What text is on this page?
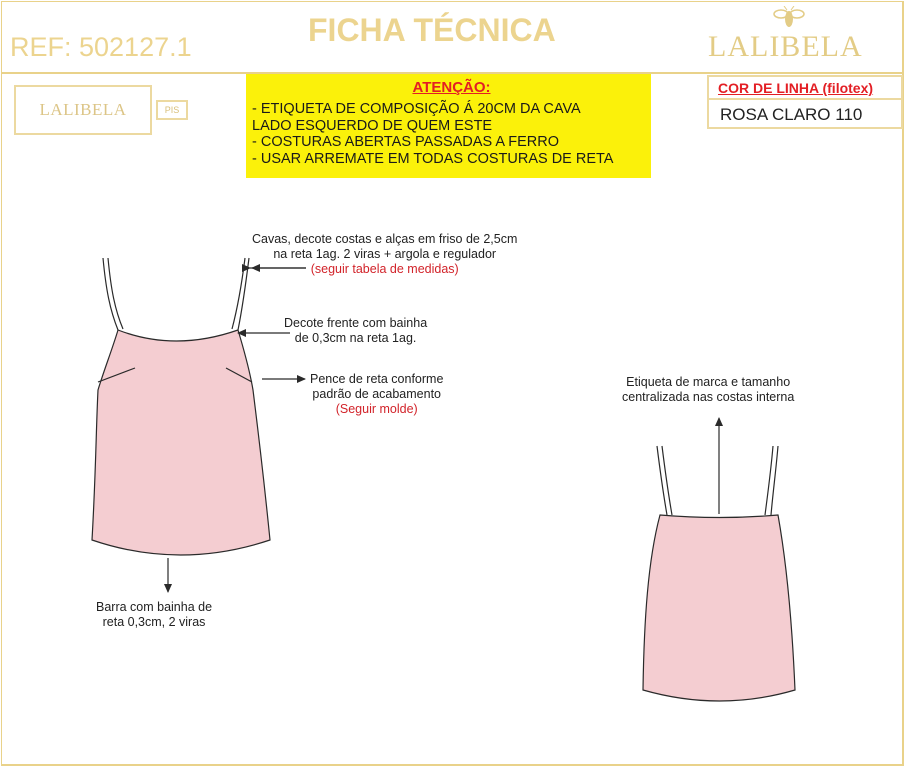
REF: 502127.1	FICHA TÉCNICA	LALIBELA
LALIBELA	PIS
ATENÇÃO:
- ETIQUETA DE COMPOSIÇÃO Á 20CM DA CAVA
LADO ESQUERDO DE QUEM ESTE
- COSTURAS ABERTAS PASSADAS A FERRO
- USAR ARREMATE EM TODAS COSTURAS DE RETA
COR DE LINHA (filotex)
ROSA CLARO 110
Cavas, decote costas e alças em friso de 2,5cm
na reta 1ag. 2 viras + argola e regulador
(seguir tabela de medidas)
Decote frente com bainha
de 0,3cm na reta 1ag.
Pence de reta conforme
padrão de acabamento
(Seguir molde)
Barra com bainha de
reta 0,3cm, 2 viras
Etiqueta de marca e tamanho
centralizada nas costas interna
